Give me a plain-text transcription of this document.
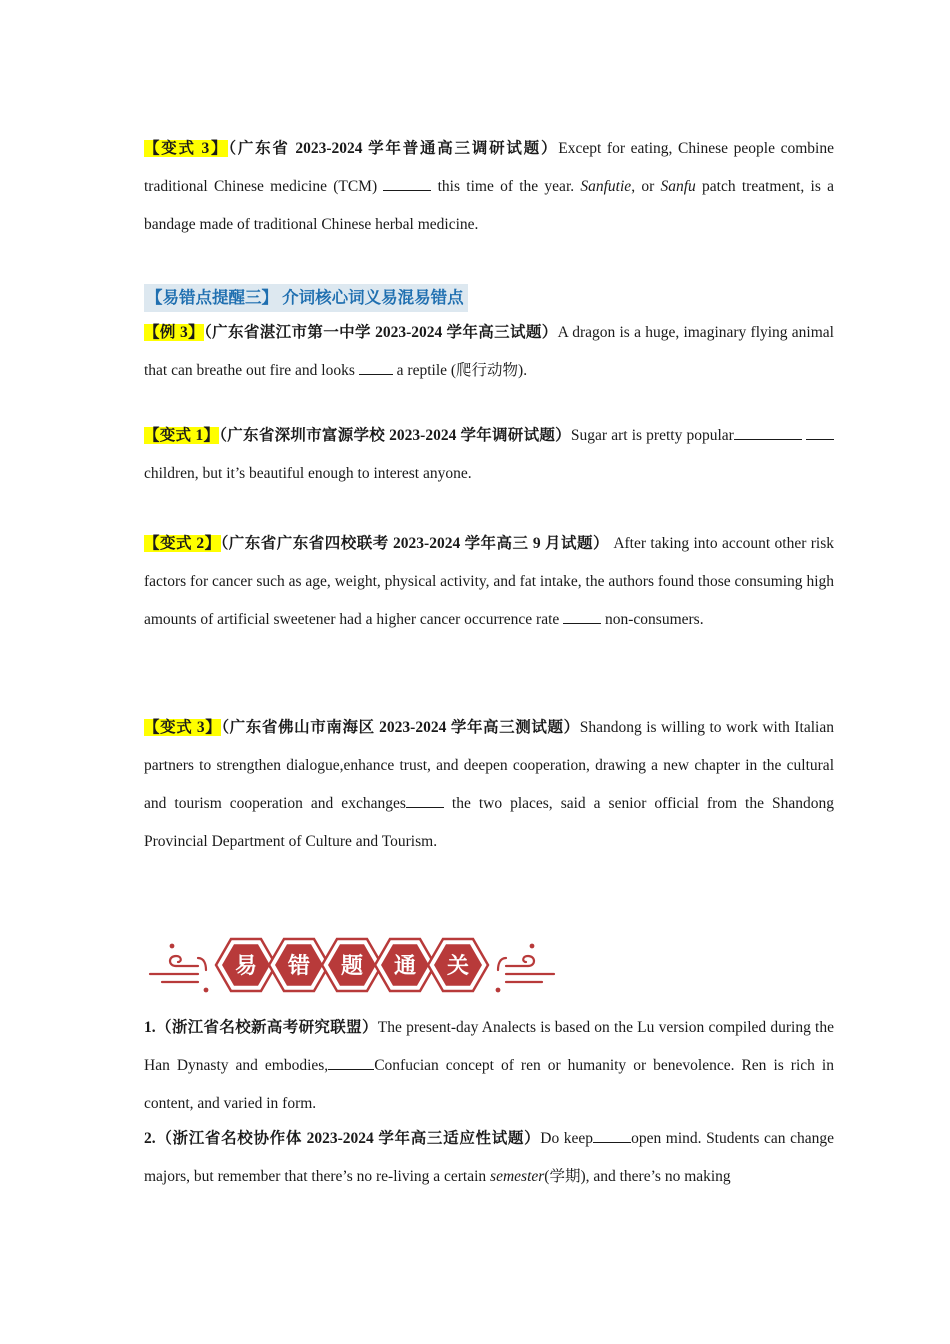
【变式 3】（广东省 2023-2024 学年普通高三调研试题）Except for eating, Chinese people combine traditional Chinese medicine (TCM)	this time of the year. Sanfutie, or Sanfu patch treatment, is a bandage made of traditional Chinese herbal medicine.

【易错点提醒三】 介词核心词义易混易错点

【例 3】（广东省湛江市第一中学 2023-2024 学年高三试题）A dragon is a huge, imaginary flying animal that can breathe out fire and looks  a reptile (爬行动物).

【变式 1】（广东省深圳市富源学校 2023-2024 学年调研试题）Sugar art is pretty popular  children, but it’s beautiful enough to interest anyone.

【变式 2】（广东省广东省四校联考 2023-2024 学年高三 9 月试题） After taking into account other risk factors for cancer such as age, weight, physical activity, and fat intake, the authors found those consuming high amounts of artificial sweetener had a higher cancer occurrence rate  non-consumers.

【变式 3】（广东省佛山市南海区 2023-2024 学年高三测试题）Shandong is willing to work with Italian partners to strengthen dialogue,enhance trust, and deepen cooperation, drawing a new chapter in the cultural and tourism cooperation and exchanges the two places, said a senior official from the Shandong Provincial Department of Culture and Tourism.

易 错 题 通 关

1.（浙江省名校新高考研究联盟）The present-day Analects is based on the Lu version compiled during the Han Dynasty and embodies,	Confucian concept of ren or humanity or benevolence. Ren is rich in content, and varied in form.

2.（浙江省名校协作体 2023-2024 学年高三适应性试题）Do keep open mind. Students can change majors, but remember that there’s no re-living a certain semester(学期), and there’s no making
